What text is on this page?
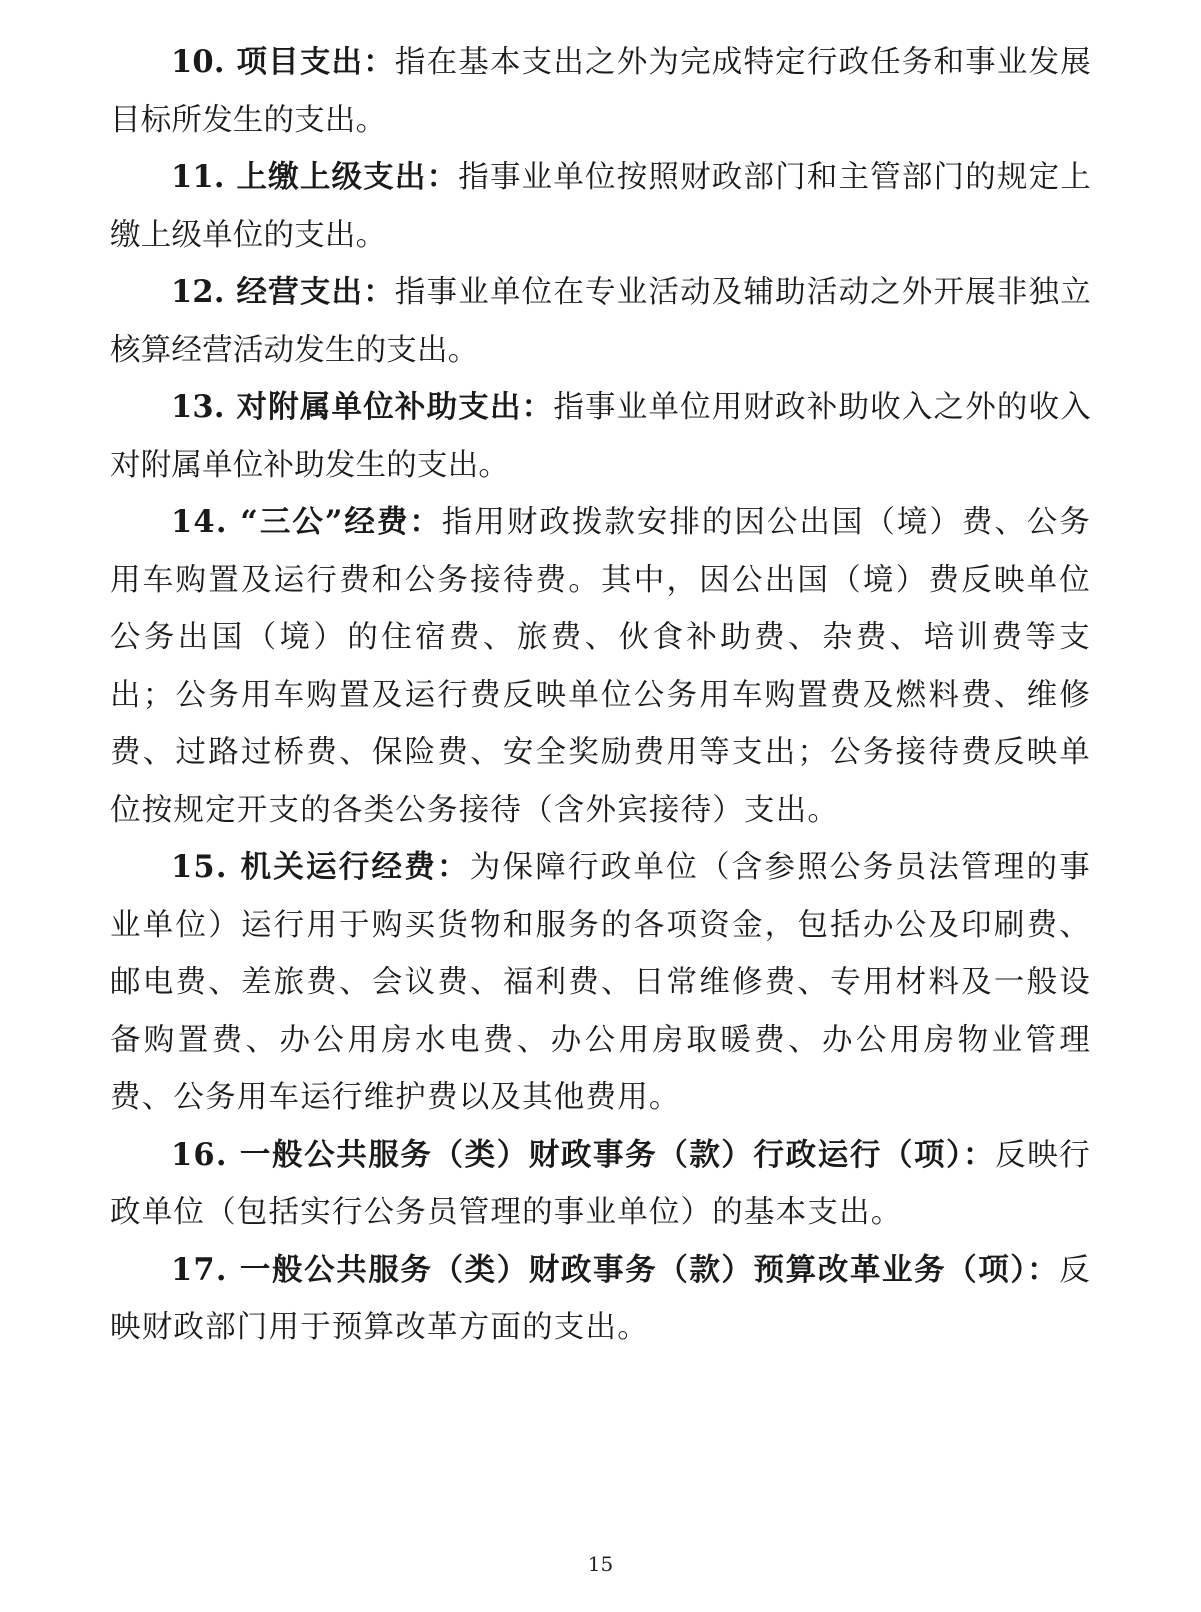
10. 项目支出：指在基本支出之外为完成特定行政任务和事业发展目标所发生的支出。

11. 上缴上级支出：指事业单位按照财政部门和主管部门的规定上缴上级单位的支出。

12. 经营支出：指事业单位在专业活动及辅助活动之外开展非独立核算经营活动发生的支出。

13. 对附属单位补助支出：指事业单位用财政补助收入之外的收入对附属单位补助发生的支出。

14. “三公”经费：指用财政拨款安排的因公出国（境）费、公务用车购置及运行费和公务接待费。其中，因公出国（境）费反映单位公务出国（境）的住宿费、旅费、伙食补助费、杂费、培训费等支出；公务用车购置及运行费反映单位公务用车购置费及燃料费、维修费、过路过桥费、保险费、安全奖励费用等支出；公务接待费反映单位按规定开支的各类公务接待（含外宾接待）支出。

15. 机关运行经费：为保障行政单位（含参照公务员法管理的事业单位）运行用于购买货物和服务的各项资金，包括办公及印刷费、邮电费、差旅费、会议费、福利费、日常维修费、专用材料及一般设备购置费、办公用房水电费、办公用房取暖费、办公用房物业管理费、公务用车运行维护费以及其他费用。

16. 一般公共服务（类）财政事务（款）行政运行（项）：反映行政单位（包括实行公务员管理的事业单位）的基本支出。

17. 一般公共服务（类）财政事务（款）预算改革业务（项）：反映财政部门用于预算改革方面的支出。

15
